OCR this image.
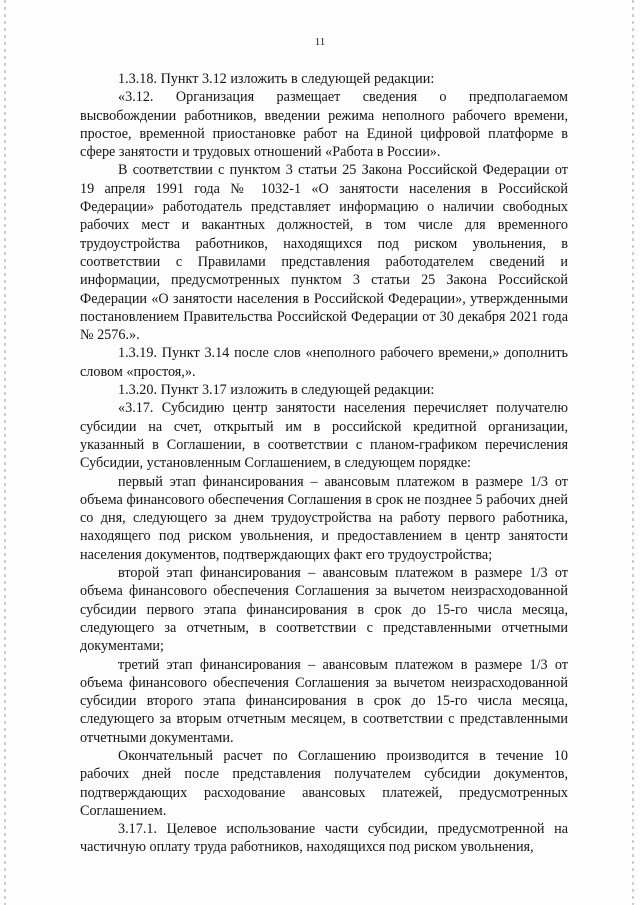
11

1.3.18. Пункт 3.12 изложить в следующей редакции:

«3.12. Организация размещает сведения о предполагаемом высвобождении работников, введении режима неполного рабочего времени, простое, временной приостановке работ на Единой цифровой платформе в сфере занятости и трудовых отношений «Работа в России».

В соответствии с пунктом 3 статьи 25 Закона Российской Федерации от 19 апреля 1991 года № 1032-1 «О занятости населения в Российской Федерации» работодатель представляет информацию о наличии свободных рабочих мест и вакантных должностей, в том числе для временного трудоустройства работников, находящихся под риском увольнения, в соответствии с Правилами представления работодателем сведений и информации, предусмотренных пунктом 3 статьи 25 Закона Российской Федерации «О занятости населения в Российской Федерации», утвержденными постановлением Правительства Российской Федерации от 30 декабря 2021 года № 2576.».

1.3.19. Пункт 3.14 после слов «неполного рабочего времени,» дополнить словом «простоя,».

1.3.20. Пункт 3.17 изложить в следующей редакции:

«3.17. Субсидию центр занятости населения перечисляет получателю субсидии на счет, открытый им в российской кредитной организации, указанный в Соглашении, в соответствии с планом-графиком перечисления Субсидии, установленным Соглашением, в следующем порядке:

первый этап финансирования – авансовым платежом в размере 1/3 от объема финансового обеспечения Соглашения в срок не позднее 5 рабочих дней со дня, следующего за днем трудоустройства на работу первого работника, находящего под риском увольнения, и предоставлением в центр занятости населения документов, подтверждающих факт его трудоустройства;

второй этап финансирования – авансовым платежом в размере 1/3 от объема финансового обеспечения Соглашения за вычетом неизрасходованной субсидии первого этапа финансирования в срок до 15-го числа месяца, следующего за отчетным, в соответствии с представленными отчетными документами;

третий этап финансирования – авансовым платежом в размере 1/3 от объема финансового обеспечения Соглашения за вычетом неизрасходованной субсидии второго этапа финансирования в срок до 15-го числа месяца, следующего за вторым отчетным месяцем, в соответствии с представленными отчетными документами.

Окончательный расчет по Соглашению производится в течение 10 рабочих дней после представления получателем субсидии документов, подтверждающих расходование авансовых платежей, предусмотренных Соглашением.

3.17.1. Целевое использование части субсидии, предусмотренной на частичную оплату труда работников, находящихся под риском увольнения,
